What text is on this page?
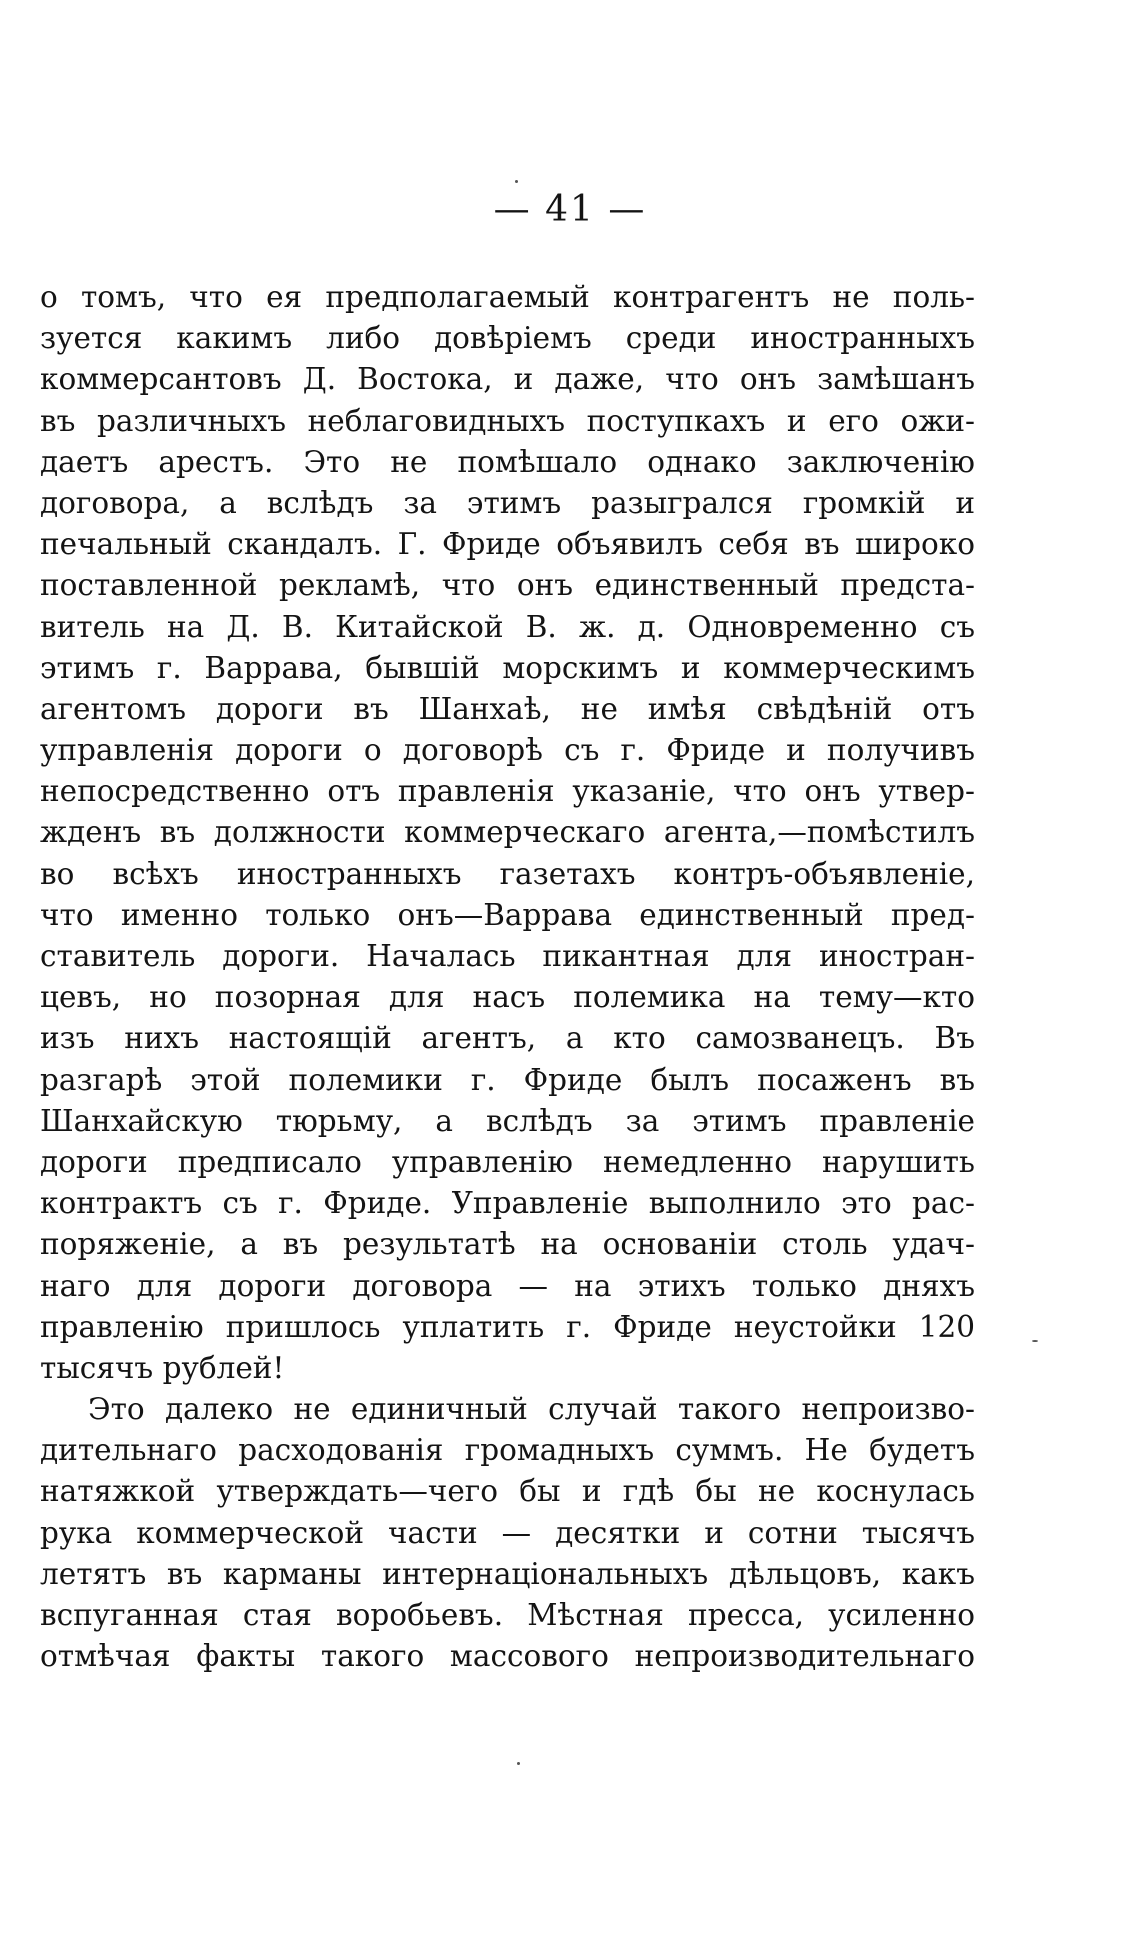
— 41 —
о томъ, что ея предполагаемый контрагентъ не поль-
зуется какимъ либо довѣріемъ среди иностранныхъ
коммерсантовъ Д. Востока, и даже, что онъ замѣшанъ
въ различныхъ неблаговидныхъ поступкахъ и его ожи-
даетъ арестъ. Это не помѣшало однако заключенію
договора, а вслѣдъ за этимъ разыгрался громкій и
печальный скандалъ. Г. Фриде объявилъ себя въ широко
поставленной рекламѣ, что онъ единственный предста-
витель на Д. В. Китайской В. ж. д. Одновременно съ
этимъ г. Варрава, бывшій морскимъ и коммерческимъ
агентомъ дороги въ Шанхаѣ, не имѣя свѣдѣній отъ
управленія дороги о договорѣ съ г. Фриде и получивъ
непосредственно отъ правленія указаніе, что онъ утвер-
жденъ въ должности коммерческаго агента,—помѣстилъ
во всѣхъ иностранныхъ газетахъ контръ-объявленіе,
что именно только онъ—Варрава единственный пред-
ставитель дороги. Началась пикантная для иностран-
цевъ, но позорная для насъ полемика на тему—кто
изъ нихъ настоящій агентъ, а кто самозванецъ. Въ
разгарѣ этой полемики г. Фриде былъ посаженъ въ
Шанхайскую тюрьму, а вслѣдъ за этимъ правленіе
дороги предписало управленію немедленно нарушить
контрактъ съ г. Фриде. Управленіе выполнило это рас-
поряженіе, а въ результатѣ на основаніи столь удач-
наго для дороги договора — на этихъ только дняхъ
правленію пришлось уплатить г. Фриде неустойки 120
тысячъ рублей!
Это далеко не единичный случай такого непроизво-
дительнаго расходованія громадныхъ суммъ. Не будетъ
натяжкой утверждать—чего бы и гдѣ бы не коснулась
рука коммерческой части — десятки и сотни тысячъ
летятъ въ карманы интернаціональныхъ дѣльцовъ, какъ
вспуганная стая воробьевъ. Мѣстная пресса, усиленно
отмѣчая факты такого массового непроизводительнаго
